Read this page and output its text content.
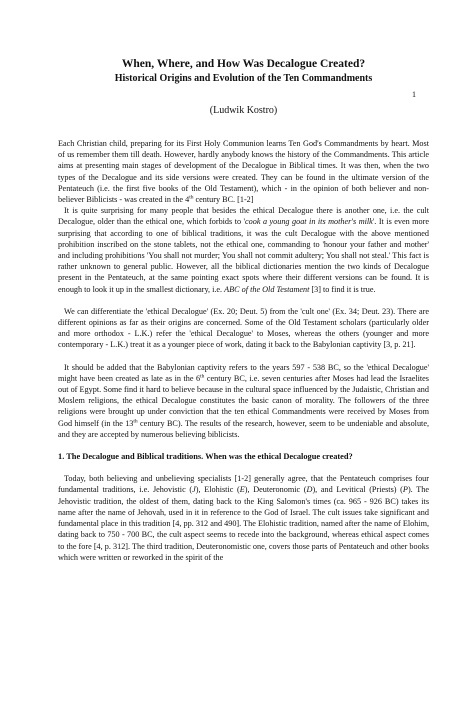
1
When, Where, and How Was Decalogue Created?
Historical Origins and Evolution of the Ten Commandments
(Ludwik Kostro)

Each Christian child, preparing for its First Holy Communion learns Ten God's Commandments by heart. Most of us remember them till death. However, hardly anybody knows the history of the Commandments. This article aims at presenting main stages of development of the Decalogue in Biblical times. It was then, when the two types of the Decalogue and its side versions were created. They can be found in the ultimate version of the Pentateuch (i.e. the first five books of the Old Testament), which - in the opinion of both believer and non-believer Biblicists - was created in the 4th century BC. [1-2]

It is quite surprising for many people that besides the ethical Decalogue there is another one, i.e. the cult Decalogue, older than the ethical one, which forbids to 'cook a young goat in its mother's milk'. It is even more surprising that according to one of biblical traditions, it was the cult Decalogue with the above mentioned prohibition inscribed on the stone tablets, not the ethical one, commanding to 'honour your father and mother' and including prohibitions 'You shall not murder; You shall not commit adultery; You shall not steal.' This fact is rather unknown to general public. However, all the biblical dictionaries mention the two kinds of Decalogue present in the Pentateuch, at the same pointing exact spots where their different versions can be found. It is enough to look it up in the smallest dictionary, i.e. ABC of the Old Testament [3] to find it is true.

We can differentiate the 'ethical Decalogue' (Ex. 20; Deut. 5) from the 'cult one' (Ex. 34; Deut. 23). There are different opinions as far as their origins are concerned. Some of the Old Testament scholars (particularly older and more orthodox - L.K.) refer the 'ethical Decalogue' to Moses, whereas the others (younger and more contemporary - L.K.) treat it as a younger piece of work, dating it back to the Babylonian captivity [3, p. 21].

It should be added that the Babylonian captivity refers to the years 597 - 538 BC, so the 'ethical Decalogue' might have been created as late as in the 6th century BC, i.e. seven centuries after Moses had lead the Israelites out of Egypt. Some find it hard to believe because in the cultural space influenced by the Judaistic, Christian and Moslem religions, the ethical Decalogue constitutes the basic canon of morality. The followers of the three religions were brought up under conviction that the ten ethical Commandments were received by Moses from God himself (in the 13th century BC). The results of the research, however, seem to be undeniable and absolute, and they are accepted by numerous believing biblicists.

1. The Decalogue and Biblical traditions. When was the ethical Decalogue created?

Today, both believing and unbelieving specialists [1-2] generally agree, that the Pentateuch comprises four fundamental traditions, i.e. Jehovistic (J), Elohistic (E), Deuteronomic (D), and Levitical (Priests) (P). The Jehovistic tradition, the oldest of them, dating back to the King Salomon's times (ca. 965 - 926 BC) takes its name after the name of Jehovah, used in it in reference to the God of Israel. The cult issues take significant and fundamental place in this tradition [4, pp. 312 and 490]. The Elohistic tradition, named after the name of Elohim, dating back to 750 - 700 BC, the cult aspect seems to recede into the background, whereas ethical aspect comes to the fore [4, p. 312]. The third tradition, Deuteronomistic one, covers those parts of Pentateuch and other books which were written or reworked in the spirit of the
